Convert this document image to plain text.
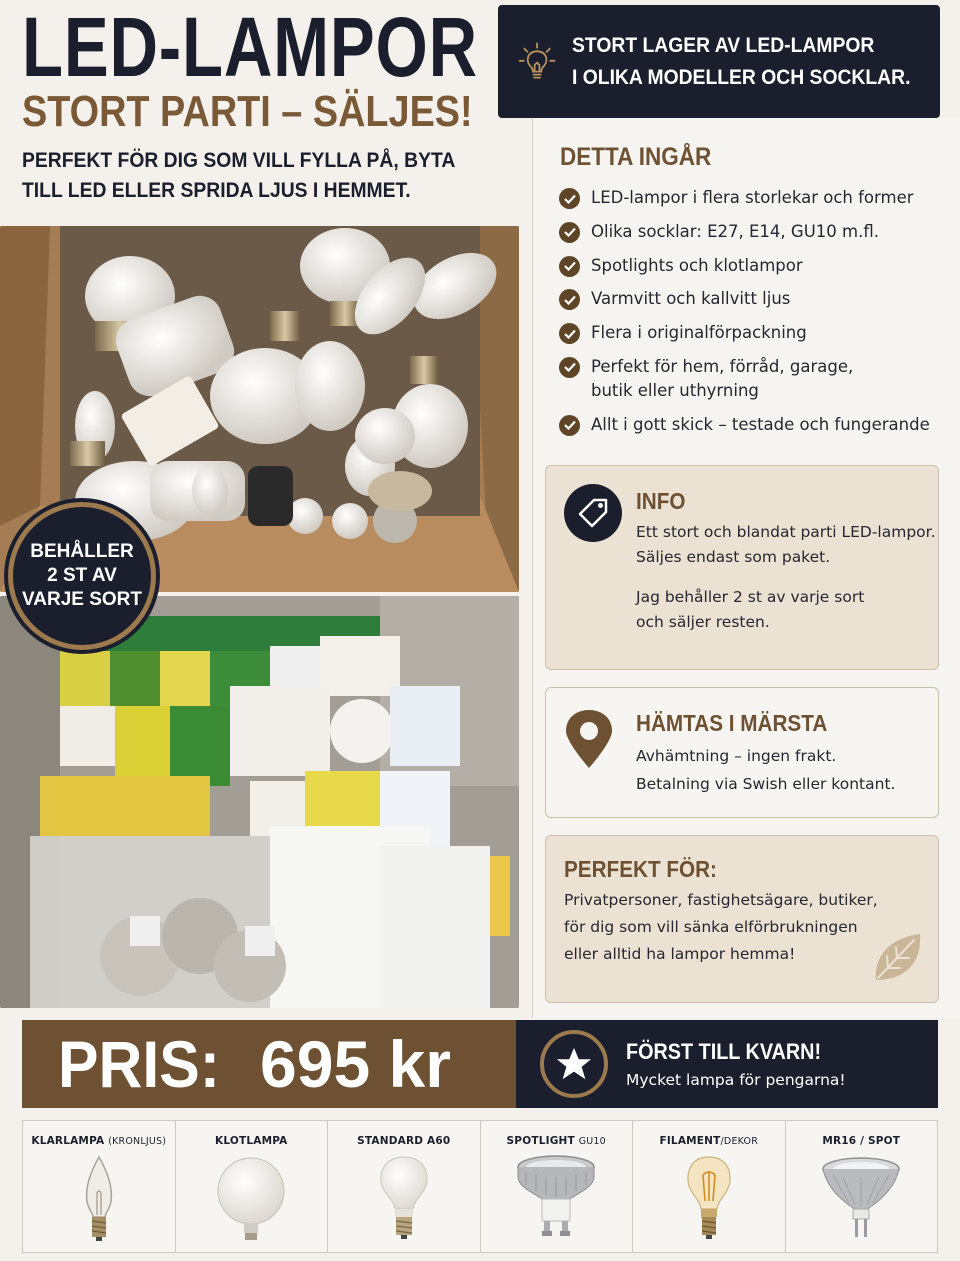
LED-LAMPOR
STORT PARTI – SÄLJES!
PERFEKT FÖR DIG SOM VILL FYLLA PÅ, BYTA
TILL LED ELLER SPRIDA LJUS I HEMMET.
STORT LAGER AV LED-LAMPOR
I OLIKA MODELLER OCH SOCKLAR.
DETTA INGÅR
LED-lampor i flera storlekar och former
Olika socklar: E27, E14, GU10 m.fl.
Spotlights och klotlampor
Varmvitt och kallvitt ljus
Flera i originalförpackning
Perfekt för hem, förråd, garage, butik eller uthyrning
Allt i gott skick – testade och fungerande
INFO
Ett stort och blandat parti LED-lampor.
Säljes endast som paket.
Jag behåller 2 st av varje sort
och säljer resten.
HÄMTAS I MÄRSTA
Avhämtning – ingen frakt.
Betalning via Swish eller kontant.
PERFEKT FÖR:
Privatpersoner, fastighetsägare, butiker,
för dig som vill sänka elförbrukningen
eller alltid ha lampor hemma!
BEHÅLLER
2 ST AV
VARJE SORT
PRIS: 695 kr	FÖRST TILL KVARN!
Mycket lampa för pengarna!
KLARLAMPA (KRONLJUS)	KLOTLAMPA	STANDARD A60	SPOTLIGHT GU10	FILAMENT/DEKOR	MR16 / SPOT
